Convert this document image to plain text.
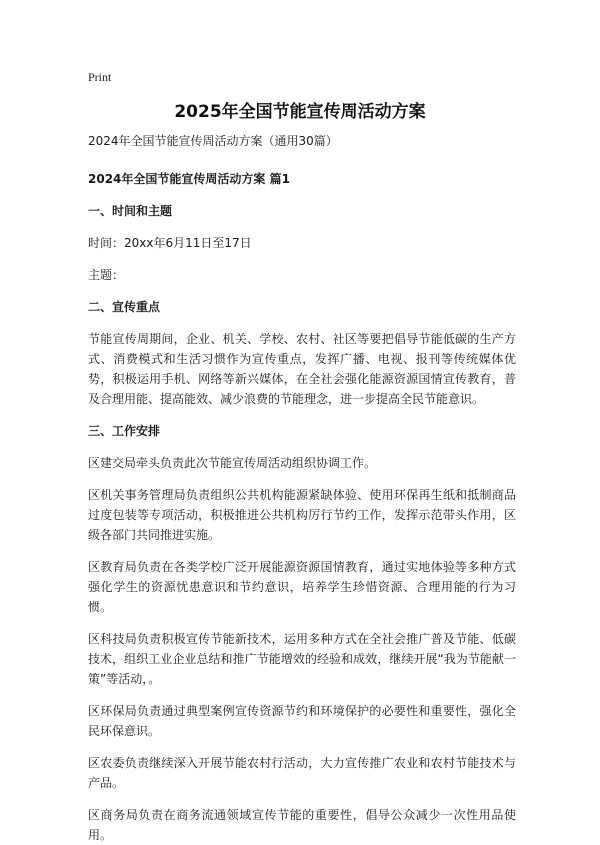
Print
2025年全国节能宣传周活动方案

2024年全国节能宣传周活动方案（通用30篇）

2024年全国节能宣传周活动方案 篇1

一、时间和主题

时间：20xx年6月11日至17日

主题：

二、宣传重点

节能宣传周期间，企业、机关、学校、农村、社区等要把倡导节能低碳的生产方式、消费模式和生活习惯作为宣传重点，发挥广播、电视、报刊等传统媒体优势，积极运用手机、网络等新兴媒体，在全社会强化能源资源国情宣传教育，普及合理用能、提高能效、减少浪费的节能理念，进一步提高全民节能意识。

三、工作安排

区建交局牵头负责此次节能宣传周活动组织协调工作。

区机关事务管理局负责组织公共机构能源紧缺体验、使用环保再生纸和抵制商品过度包装等专项活动，积极推进公共机构厉行节约工作，发挥示范带头作用，区级各部门共同推进实施。

区教育局负责在各类学校广泛开展能源资源国情教育，通过实地体验等多种方式强化学生的资源忧患意识和节约意识，培养学生珍惜资源、合理用能的行为习惯。

区科技局负责积极宣传节能新技术，运用多种方式在全社会推广普及节能、低碳技术，组织工业企业总结和推广节能增效的经验和成效，继续开展“我为节能献一策”等活动，。

区环保局负责通过典型案例宣传资源节约和环境保护的必要性和重要性，强化全民环保意识。

区农委负责继续深入开展节能农村行活动，大力宣传推广农业和农村节能技术与产品。

区商务局负责在商务流通领域宣传节能的重要性，倡导公众减少一次性用品使用。
